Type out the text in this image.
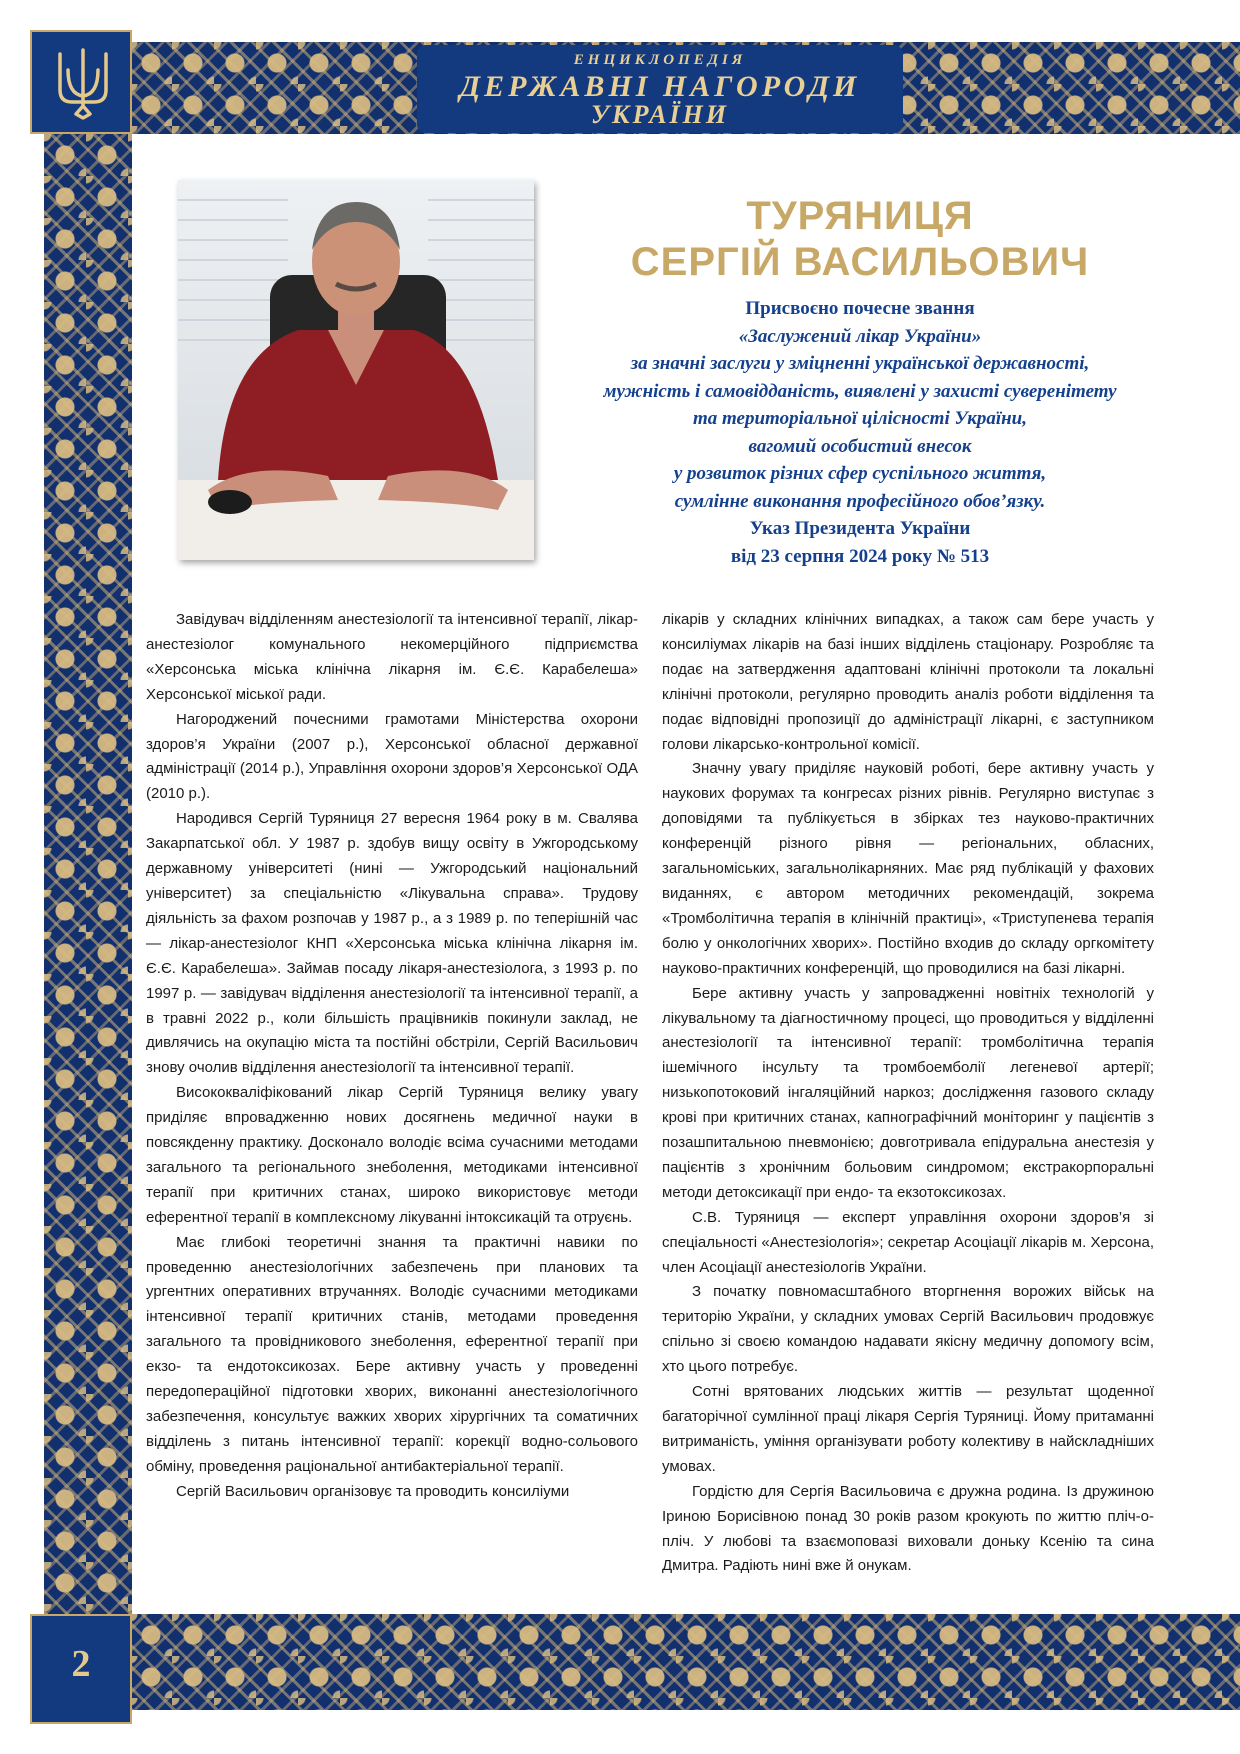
ЕНЦИКЛОПЕДІЯ
ДЕРЖАВНІ НАГОРОДИ
УКРАЇНИ
2
ТУРЯНИЦЯ
СЕРГІЙ ВАСИЛЬОВИЧ
Присвоєно почесне звання
«Заслужений лікар України»
за значні заслуги у зміцненні української державності,
мужність і самовідданість, виявлені у захисті суверенітету
та територіальної цілісності України,
вагомий особистий внесок
у розвиток різних сфер суспільного життя,
сумлінне виконання професійного обов’язку.
Указ Президента України
від 23 серпня 2024 року № 513

Завідувач відділенням анестезіології та інтенсивної терапії, лікар-анестезіолог комунального некомерційного підприємства «Херсонська міська клінічна лікарня ім. Є.Є. Карабелеша» Херсонської міської ради.

Нагороджений почесними грамотами Міністерства охорони здоров’я України (2007 р.), Херсонської обласної державної адміністрації (2014 р.), Управління охорони здоров’я Херсонської ОДА (2010 р.).

Народився Сергій Туряниця 27 вересня 1964 року в м. Свалява Закарпатської обл. У 1987 р. здобув вищу освіту в Ужгородському державному університеті (нині — Ужгородський національний університет) за спеціальністю «Лікувальна справа». Трудову діяльність за фахом розпочав у 1987 р., а з 1989 р. по теперішній час — лікар-анестезіолог КНП «Херсонська міська клінічна лікарня ім. Є.Є. Карабелеша». Займав посаду лікаря-анестезіолога, з 1993 р. по 1997 р. — завідувач відділення анестезіології та інтенсивної терапії, а в травні 2022 р., коли більшість працівників покинули заклад, не дивлячись на окупацію міста та постійні обстріли, Сергій Васильович знову очолив відділення анестезіології та інтенсивної терапії.

Висококваліфікований лікар Сергій Туряниця велику увагу приділяє впровадженню нових досягнень медичної науки в повсякденну практику. Досконало володіє всіма сучасними методами загального та регіонального знеболення, методиками інтенсивної терапії при критичних станах, широко використовує методи еферентної терапії в комплексному лікуванні інтоксикацій та отруєнь.

Має глибокі теоретичні знання та практичні навики по проведенню анестезіологічних забезпечень при планових та ургентних оперативних втручаннях. Володіє сучасними методиками інтенсивної терапії критичних станів, методами проведення загального та провідникового знеболення, еферентної терапії при екзо- та ендотоксикозах. Бере активну участь у проведенні передопераційної підготовки хворих, виконанні анестезіологічного забезпечення, консультує важких хворих хірургічних та соматичних відділень з питань інтенсивної терапії: корекції водно-сольового обміну, проведення раціональної антибактеріальної терапії.

Сергій Васильович організовує та проводить консиліуми

лікарів у складних клінічних випадках, а також сам бере участь у консиліумах лікарів на базі інших відділень стаціонару. Розробляє та подає на затвердження адаптовані клінічні протоколи та локальні клінічні протоколи, регулярно проводить аналіз роботи відділення та подає відповідні пропозиції до адміністрації лікарні, є заступником голови лікарсько-контрольної комісії.

Значну увагу приділяє науковій роботі, бере активну участь у наукових форумах та конгресах різних рівнів. Регулярно виступає з доповідями та публікується в збірках тез науково-практичних конференцій різного рівня — регіональних, обласних, загальноміських, загальнолікарняних. Має ряд публікацій у фахових виданнях, є автором методичних рекомендацій, зокрема «Тромболітична терапія в клінічній практиці», «Триступенева терапія болю у онкологічних хворих». Постійно входив до складу оргкомітету науково-практичних конференцій, що проводилися на базі лікарні.

Бере активну участь у запровадженні новітніх технологій у лікувальному та діагностичному процесі, що проводиться у відділенні анестезіології та інтенсивної терапії: тромболітична терапія ішемічного інсульту та тромбоемболії легеневої артерії; низькопотоковий інгаляційний наркоз; дослідження газового складу крові при критичних станах, капнографічний моніторинг у пацієнтів з позашпитальною пневмонією; довготривала епідуральна анестезія у пацієнтів з хронічним больовим синдромом; екстракорпоральні методи детоксикації при ендо- та екзотоксикозах.

С.В. Туряниця — експерт управління охорони здоров’я зі спеціальності «Анестезіологія»; секретар Асоціації лікарів м. Херсона, член Асоціації анестезіологів України.

З початку повномасштабного вторгнення ворожих військ на територію України, у складних умовах Сергій Васильович продовжує спільно зі своєю командою надавати якісну медичну допомогу всім, хто цього потребує.

Сотні врятованих людських життів — результат щоденної багаторічної сумлінної праці лікаря Сергія Туряниці. Йому притаманні витриманість, уміння організувати роботу колективу в найскладніших умовах.

Гордістю для Сергія Васильовича є дружна родина. Із дружиною Іриною Борисівною понад 30 років разом крокують по життю пліч-о-пліч. У любові та взаємоповазі виховали доньку Ксенію та сина Дмитра. Радіють нині вже й онукам.
